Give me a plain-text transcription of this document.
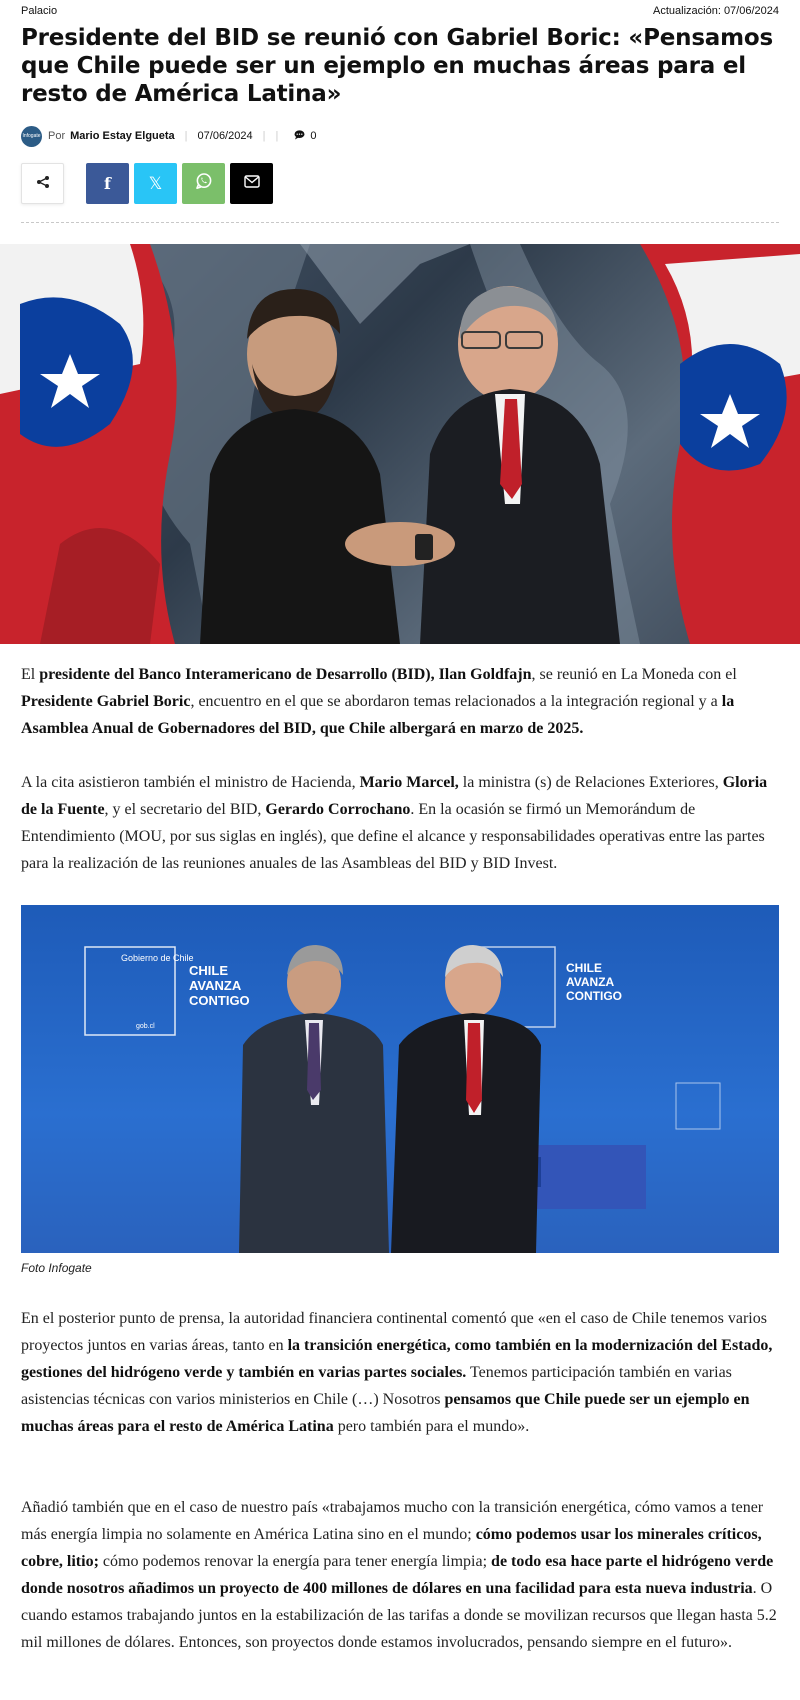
Palacio	Actualización: 07/06/2024
Presidente del BID se reunió con Gabriel Boric: «Pensamos que Chile puede ser un ejemplo en muchas áreas para el resto de América Latina»
Infogate Por Mario Estay Elgueta | 07/06/2024 | |	0
f 𝕏

El presidente del Banco Interamericano de Desarrollo (BID), Ilan Goldfajn, se reunió en La Moneda con el Presidente Gabriel Boric, encuentro en el que se abordaron temas relacionados a la integración regional y a la Asamblea Anual de Gobernadores del BID, que Chile albergará en marzo de 2025.

A la cita asistieron también el ministro de Hacienda, Mario Marcel, la ministra (s) de Relaciones Exteriores, Gloria de la Fuente, y el secretario del BID, Gerardo Corrochano. En la ocasión se firmó un Memorándum de Entendimiento (MOU, por sus siglas en inglés), que define el alcance y responsabilidades operativas entre las partes para la realización de las reuniones anuales de las Asambleas del BID y BID Invest.

Gobierno de Chile
gob.cl
CHILE
AVANZA
CONTIGO
CHILE
AVANZA
CONTIGO
Foto Infogate

En el posterior punto de prensa, la autoridad financiera continental comentó que «en el caso de Chile tenemos varios proyectos juntos en varias áreas, tanto en la transición energética, como también en la modernización del Estado, gestiones del hidrógeno verde y también en varias partes sociales. Tenemos participación también en varias asistencias técnicas con varios ministerios en Chile (…) Nosotros pensamos que Chile puede ser un ejemplo en muchas áreas para el resto de América Latina pero también para el mundo».

Añadió también que en el caso de nuestro país «trabajamos mucho con la transición energética, cómo vamos a tener más energía limpia no solamente en América Latina sino en el mundo; cómo podemos usar los minerales críticos, cobre, litio; cómo podemos renovar la energía para tener energía limpia; de todo esa hace parte el hidrógeno verde donde nosotros añadimos un proyecto de 400 millones de dólares en una facilidad para esta nueva industria. O cuando estamos trabajando juntos en la estabilización de las tarifas a donde se movilizan recursos que llegan hasta 5.2 mil millones de dólares. Entonces, son proyectos donde estamos involucrados, pensando siempre en el futuro».
